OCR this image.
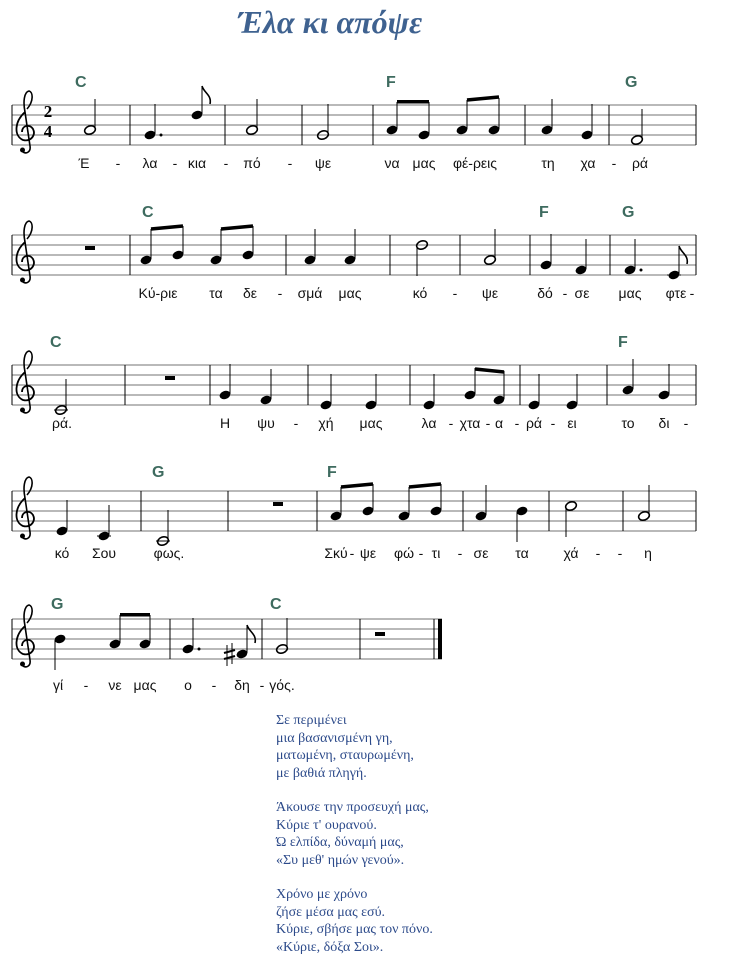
Έλα κι απόψε
C	F	G
C	F	G
C	F
G	F
G	C
2
4
Έ - λα - κια - πό - ψε	να μας φέ-ρεις	τη χα - ρά
Κύ-ριε τα δε - σμά μας	κό - ψε	δό - σε μας φτε -
ρά.	Η ψυ - χή μας	λα - χτα - α - ρά - ει	το δι -
κό Σου	φως.	Σκύ - ψε φώ - τι - σε τα χά - - η
γί - νε μας ο - δη - γός.
Σε περιμένει
μια βασανισμένη γη,
ματωμένη, σταυρωμένη,
με βαθιά πληγή.
Άκουσε την προσευχή μας,
Κύριε τ' ουρανού.
Ώ ελπίδα, δύναμή μας,
«Συ μεθ' ημών γενού».
Χρόνο με χρόνο
ζήσε μέσα μας εσύ.
Κύριε, σβήσε μας τον πόνο.
«Κύριε, δόξα Σοι».
